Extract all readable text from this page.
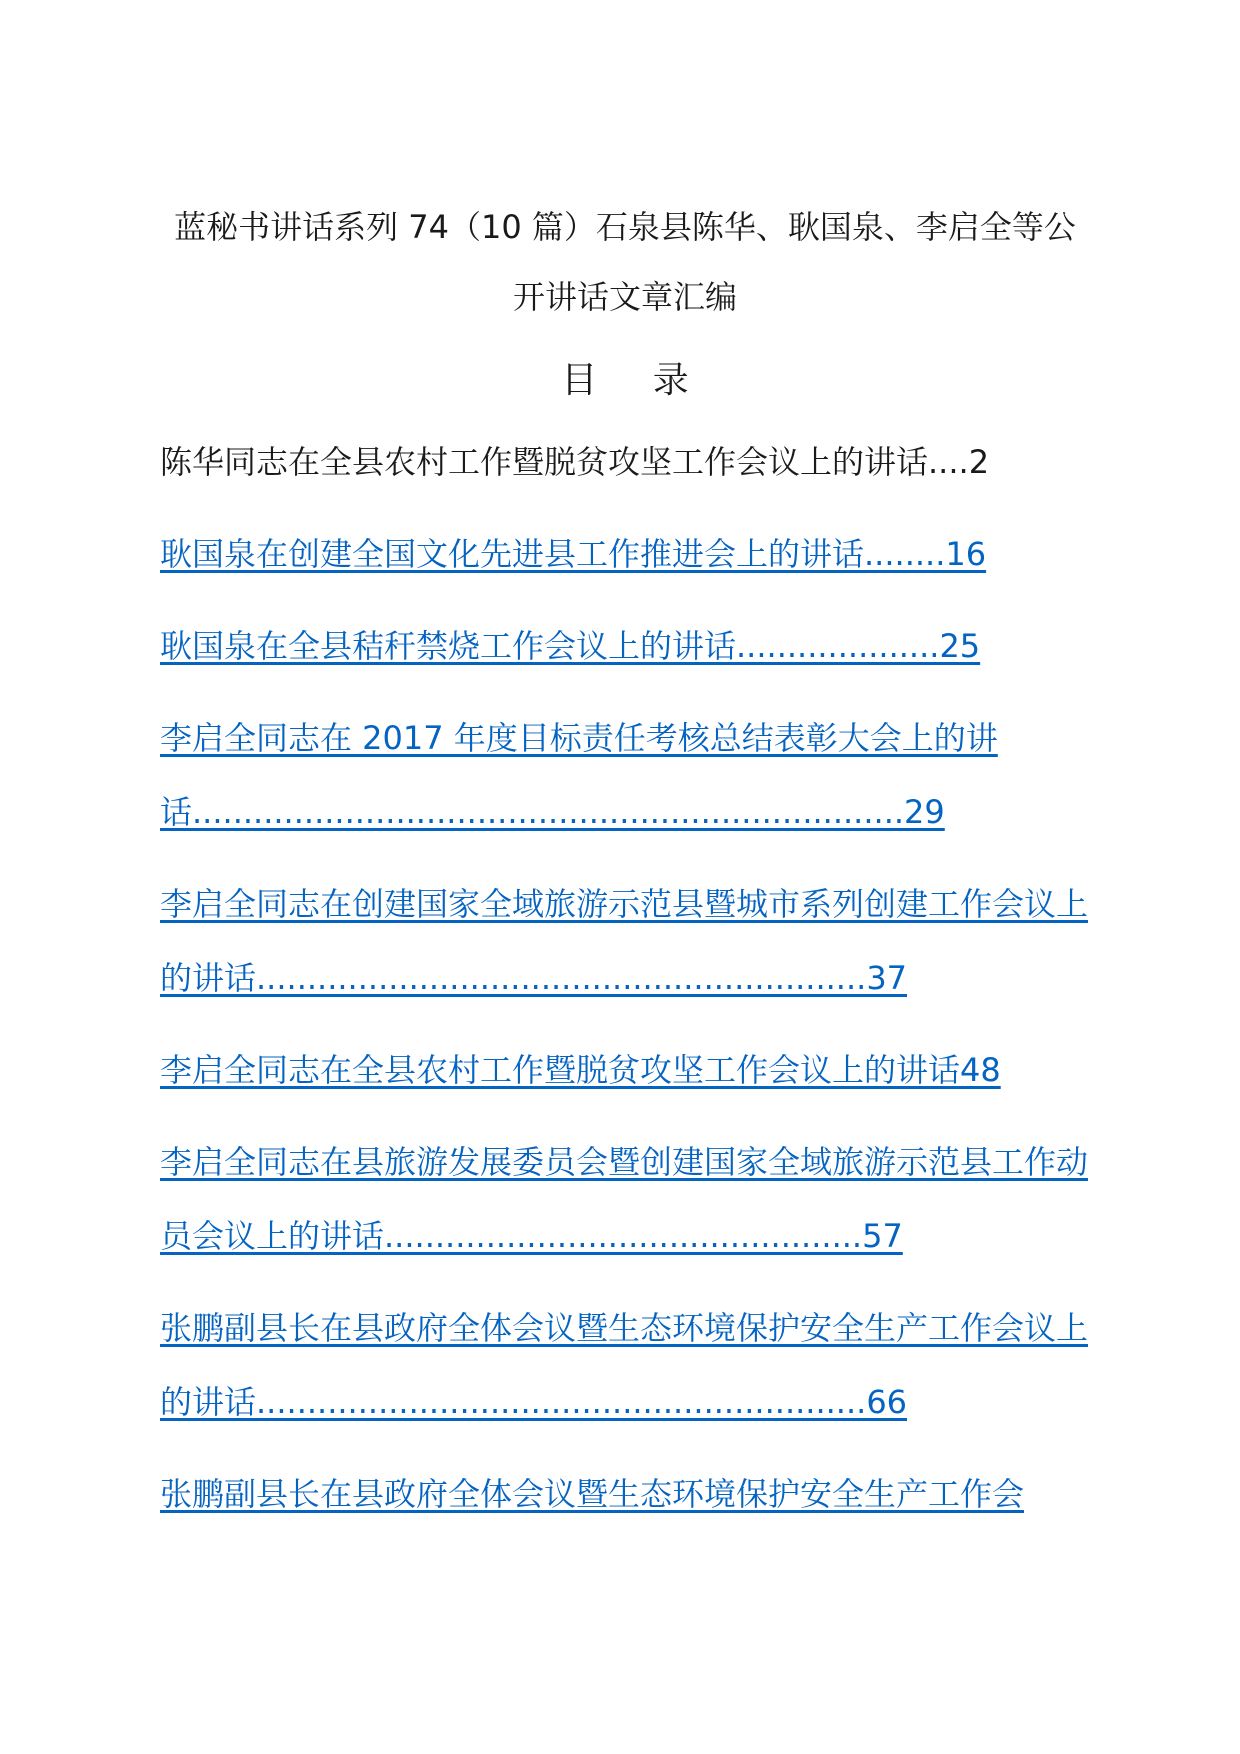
蓝秘书讲话系列 74（10 篇）石泉县陈华、耿国泉、李启全等公开讲话文章汇编
目 录
陈华同志在全县农村工作暨脱贫攻坚工作会议上的讲话....2
耿国泉在创建全国文化先进县工作推进会上的讲话........16
耿国泉在全县秸秆禁烧工作会议上的讲话....................25
李启全同志在 2017 年度目标责任考核总结表彰大会上的讲话......................................................................29
李启全同志在创建国家全域旅游示范县暨城市系列创建工作会议上的讲话............................................................37
李启全同志在全县农村工作暨脱贫攻坚工作会议上的讲话48
李启全同志在县旅游发展委员会暨创建国家全域旅游示范县工作动员会议上的讲话...............................................57
张鹏副县长在县政府全体会议暨生态环境保护安全生产工作会议上的讲话............................................................66
张鹏副县长在县政府全体会议暨生态环境保护安全生产工作会
